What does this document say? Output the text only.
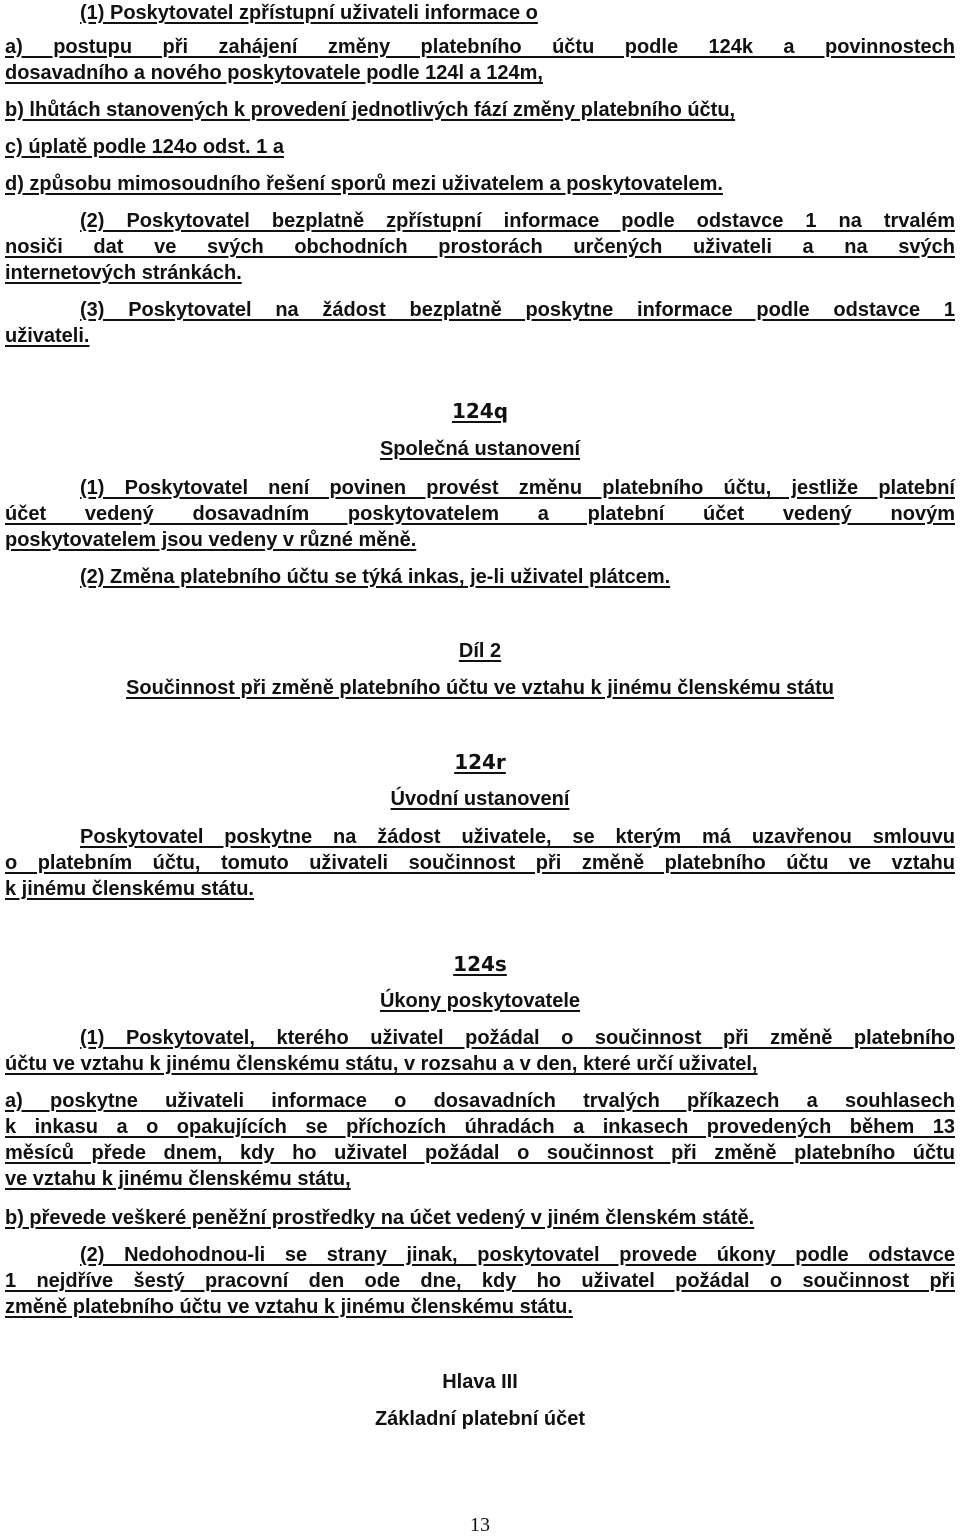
(1) Poskytovatel zpřístupní uživateli informace o
a) postupu při zahájení změny platebního účtu podle 124k a povinnostech
dosavadního a nového poskytovatele podle 124l a 124m,
b) lhůtách stanovených k provedení jednotlivých fází změny platebního účtu,
c) úplatě podle 124o odst. 1 a
d) způsobu mimosoudního řešení sporů mezi uživatelem a poskytovatelem.
(2) Poskytovatel bezplatně zpřístupní informace podle odstavce 1 na trvalém
nosiči dat ve svých obchodních prostorách určených uživateli a na svých
internetových stránkách.
(3) Poskytovatel na žádost bezplatně poskytne informace podle odstavce 1
uživateli.
124q
Společná ustanovení
(1) Poskytovatel není povinen provést změnu platebního účtu, jestliže platební
účet vedený dosavadním poskytovatelem a platební účet vedený novým
poskytovatelem jsou vedeny v různé měně.
(2) Změna platebního účtu se týká inkas, je-li uživatel plátcem.
Díl 2
Součinnost při změně platebního účtu ve vztahu k jinému členskému státu
124r
Úvodní ustanovení
Poskytovatel poskytne na žádost uživatele, se kterým má uzavřenou smlouvu
o platebním účtu, tomuto uživateli součinnost při změně platebního účtu ve vztahu
k jinému členskému státu.
124s
Úkony poskytovatele
(1) Poskytovatel, kterého uživatel požádal o součinnost při změně platebního
účtu ve vztahu k jinému členskému státu, v rozsahu a v den, které určí uživatel,
a) poskytne uživateli informace o dosavadních trvalých příkazech a souhlasech
k inkasu a o opakujících se příchozích úhradách a inkasech provedených během 13
měsíců přede dnem, kdy ho uživatel požádal o součinnost při změně platebního účtu
ve vztahu k jinému členskému státu,
b) převede veškeré peněžní prostředky na účet vedený v jiném členském státě.
(2) Nedohodnou-li se strany jinak, poskytovatel provede úkony podle odstavce
1 nejdříve šestý pracovní den ode dne, kdy ho uživatel požádal o součinnost při
změně platebního účtu ve vztahu k jinému členskému státu.
Hlava III
Základní platební účet
13
